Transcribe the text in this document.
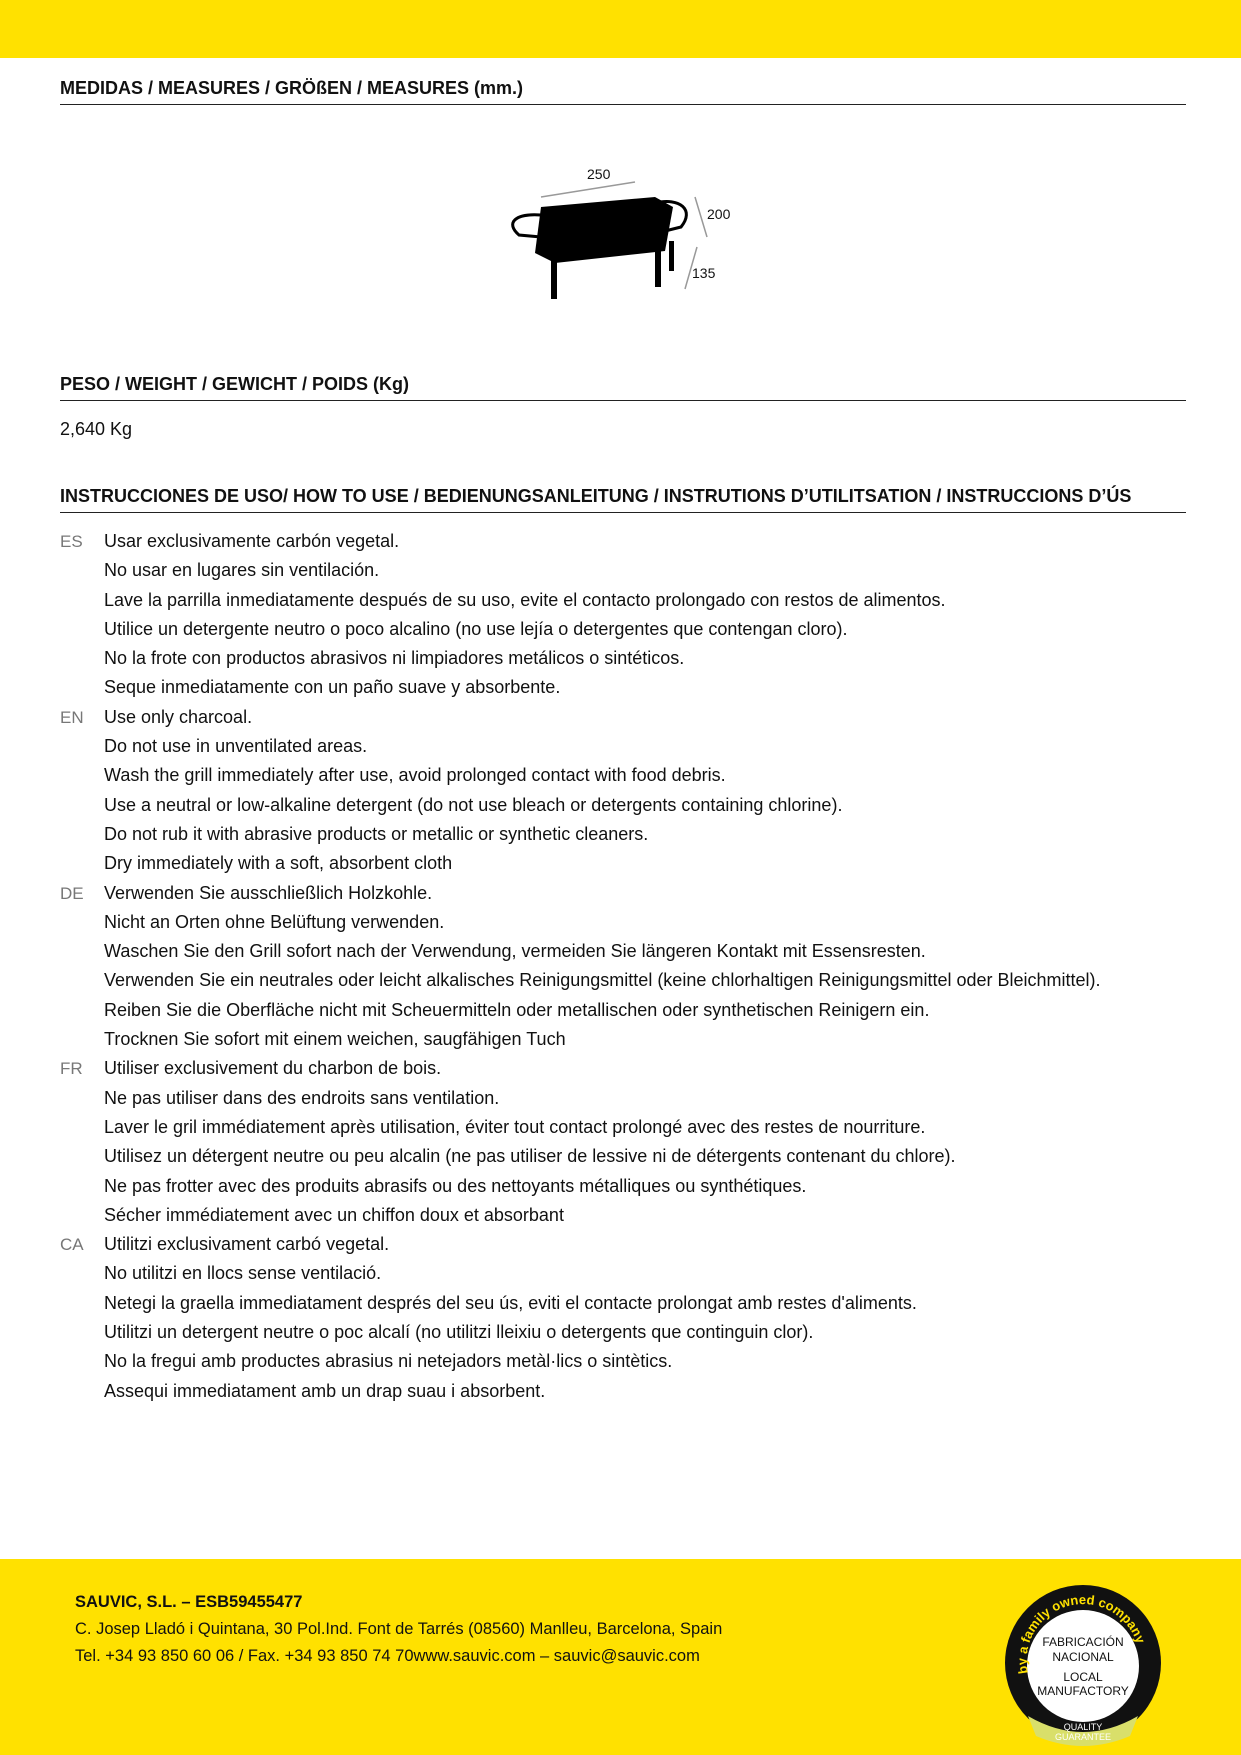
MEDIDAS / MEASURES / GRÖßEN / MEASURES (mm.)
250
200
135
PESO / WEIGHT / GEWICHT / POIDS (Kg)
2,640 Kg
INSTRUCCIONES DE USO/ HOW TO USE / BEDIENUNGSANLEITUNG / INSTRUTIONS D’UTILITSATION / INSTRUCCIONS D’ÚS
ES	Usar exclusivamente carbón vegetal.
No usar en lugares sin ventilación.
Lave la parrilla inmediatamente después de su uso, evite el contacto prolongado con restos de alimentos.
Utilice un detergente neutro o poco alcalino (no use lejía o detergentes que contengan cloro).
No la frote con productos abrasivos ni limpiadores metálicos o sintéticos.
Seque inmediatamente con un paño suave y absorbente.
EN	Use only charcoal.
Do not use in unventilated areas.
Wash the grill immediately after use, avoid prolonged contact with food debris.
Use a neutral or low-alkaline detergent (do not use bleach or detergents containing chlorine).
Do not rub it with abrasive products or metallic or synthetic cleaners.
Dry immediately with a soft, absorbent cloth
DE	Verwenden Sie ausschließlich Holzkohle.
Nicht an Orten ohne Belüftung verwenden.
Waschen Sie den Grill sofort nach der Verwendung, vermeiden Sie längeren Kontakt mit Essensresten.
Verwenden Sie ein neutrales oder leicht alkalisches Reinigungsmittel (keine chlorhaltigen Reinigungsmittel oder Bleichmittel).
Reiben Sie die Oberfläche nicht mit Scheuermitteln oder metallischen oder synthetischen Reinigern ein.
Trocknen Sie sofort mit einem weichen, saugfähigen Tuch
FR	Utiliser exclusivement du charbon de bois.
Ne pas utiliser dans des endroits sans ventilation.
Laver le gril immédiatement après utilisation, éviter tout contact prolongé avec des restes de nourriture.
Utilisez un détergent neutre ou peu alcalin (ne pas utiliser de lessive ni de détergents contenant du chlore).
Ne pas frotter avec des produits abrasifs ou des nettoyants métalliques ou synthétiques.
Sécher immédiatement avec un chiffon doux et absorbant
CA	Utilitzi exclusivament carbó vegetal.
No utilitzi en llocs sense ventilació.
Netegi la graella immediatament després del seu ús, eviti el contacte prolongat amb restes d'aliments.
Utilitzi un detergent neutre o poc alcalí (no utilitzi lleixiu o detergents que continguin clor).
No la fregui amb productes abrasius ni netejadors metàl·lics o sintètics.
Assequi immediatament amb un drap suau i absorbent.
SAUVIC, S.L. – ESB59455477
C. Josep Lladó i Quintana, 30 Pol.Ind. Font de Tarrés (08560) Manlleu, Barcelona, Spain
Tel. +34 93 850 60 06 / Fax. +34 93 850 74 70www.sauvic.com – sauvic@sauvic.com
by a family owned company
FABRICACIÓN
NACIONAL
LOCAL
MANUFACTORY
QUALITY
GUARANTEE
